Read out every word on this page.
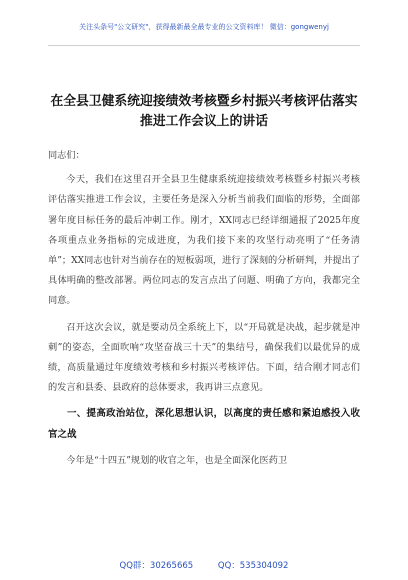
关注头条号"公文研究"，获得最新最全最专业的公文资料库！ 微信：gongwenyj
在全县卫健系统迎接绩效考核暨乡村振兴考核评估落实
推进工作会议上的讲话

同志们：

今天，我们在这里召开全县卫生健康系统迎接绩效考核暨乡村振兴考核评估落实推进工作会议，主要任务是深入分析当前我们面临的形势，全面部署年度目标任务的最后冲刺工作。刚才，XX同志已经详细通报了2025年度各项重点业务指标的完成进度，为我们接下来的攻坚行动亮明了“任务清单”；XX同志也针对当前存在的短板弱项，进行了深刻的分析研判，并提出了具体明确的整改部署。两位同志的发言点出了问题、明确了方向，我都完全同意。

召开这次会议，就是要动员全系统上下，以“开局就是决战，起步就是冲刺”的姿态，全面吹响“攻坚奋战三十天”的集结号，确保我们以最优异的成绩，高质量通过年度绩效考核和乡村振兴考核评估。下面，结合刚才同志们的发言和县委、县政府的总体要求，我再讲三点意见。

一、提高政治站位，深化思想认识，以高度的责任感和紧迫感投入收官之战

今年是“十四五”规划的收官之年，也是全面深化医药卫

QQ群：30265665	QQ：535304092
